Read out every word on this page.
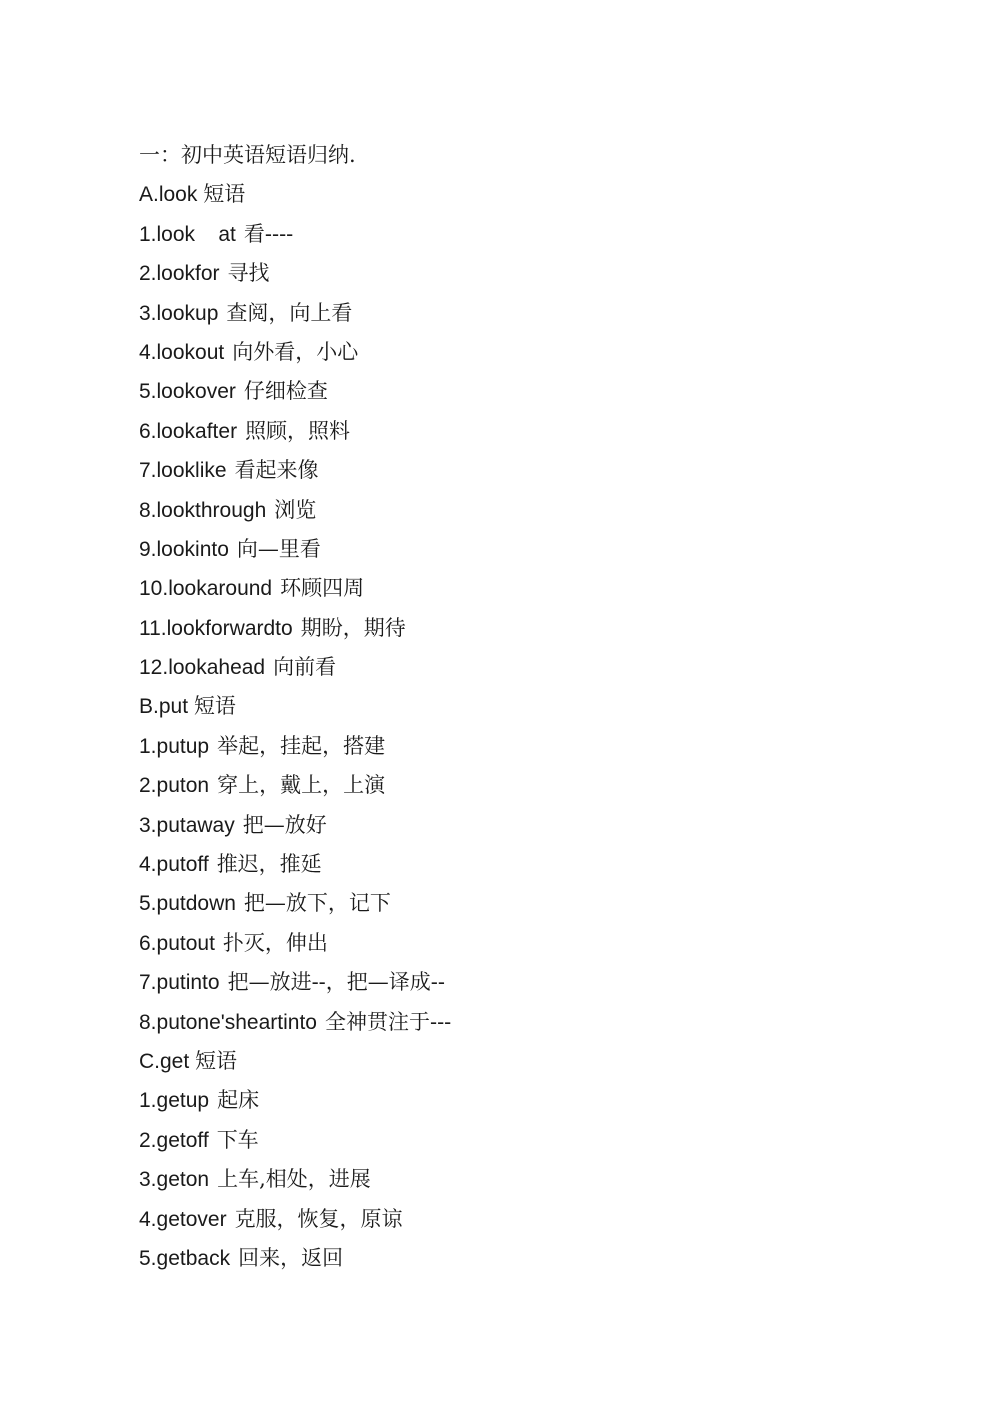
一：初中英语短语归纳.
A.look 短语
1.look    at 看----
2.lookfor 寻找
3.lookup 查阅，向上看
4.lookout 向外看，小心
5.lookover 仔细检查
6.lookafter 照顾，照料
7.looklike 看起来像
8.lookthrough 浏览
9.lookinto 向—里看
10.lookaround 环顾四周
11.lookforwardto 期盼，期待
12.lookahead 向前看
B.put 短语
1.putup 举起，挂起，搭建
2.puton 穿上，戴上，上演
3.putaway 把—放好
4.putoff 推迟，推延
5.putdown 把—放下，记下
6.putout 扑灭，伸出
7.putinto 把—放进--，把—译成--
8.putone'sheartinto 全神贯注于---
C.get 短语
1.getup 起床
2.getoff 下车
3.geton 上车,相处，进展
4.getover 克服，恢复，原谅
5.getback 回来，返回
